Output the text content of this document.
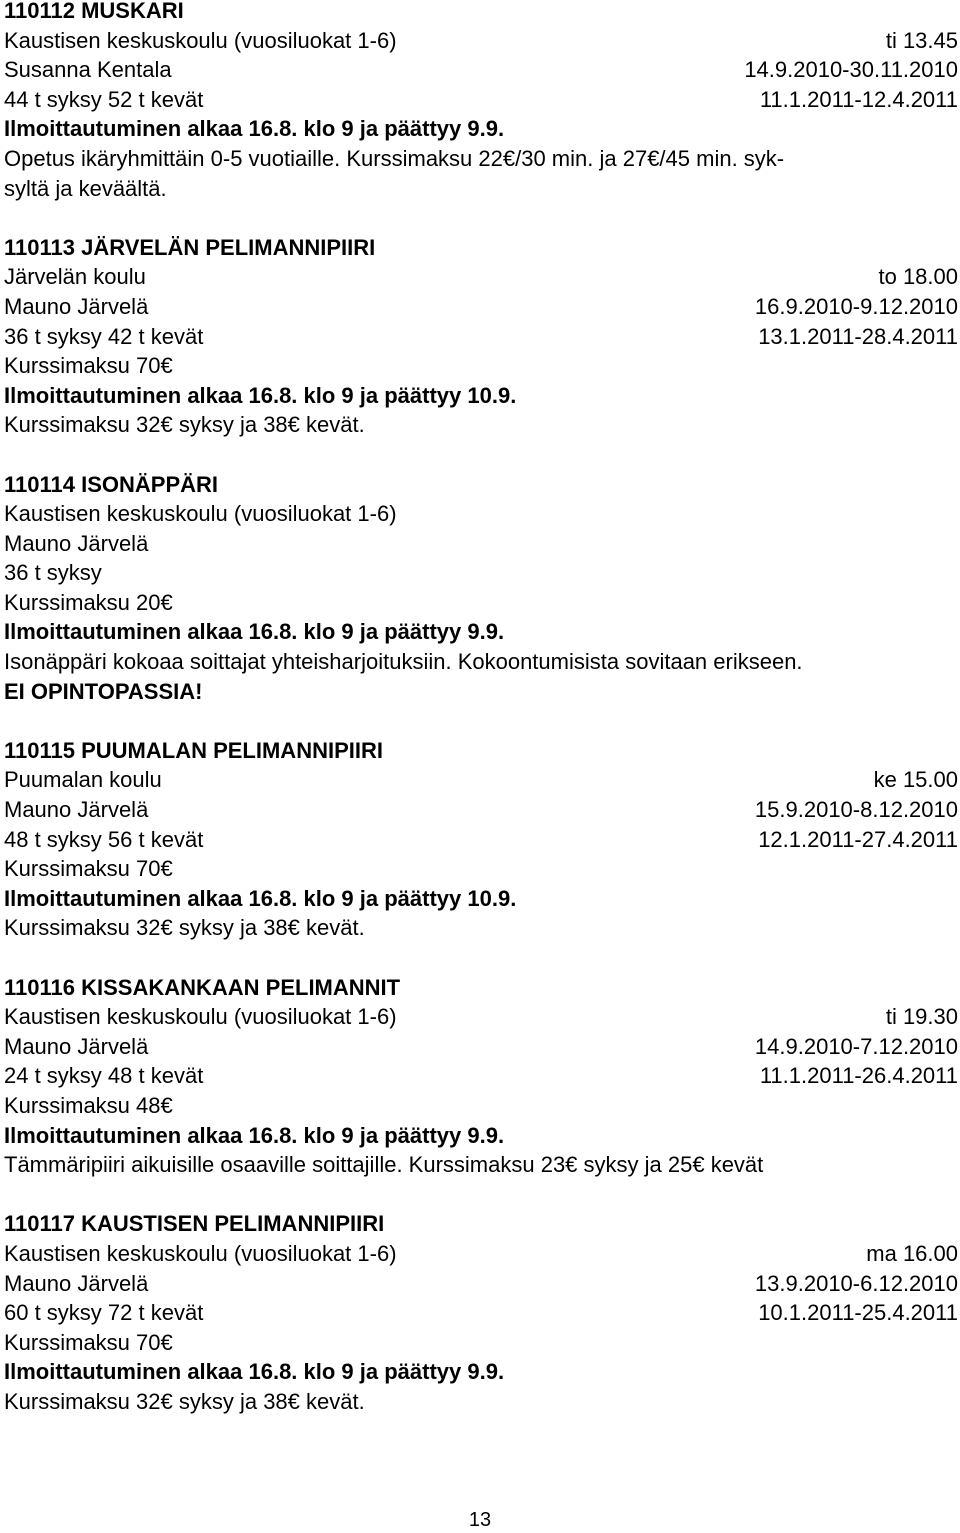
110112 MUSKARI
Kaustisen keskuskoulu (vuosiluokat 1-6)	ti 13.45
Susanna Kentala	14.9.2010-30.11.2010
44 t syksy 52 t kevät	11.1.2011-12.4.2011
Ilmoittautuminen alkaa 16.8. klo 9 ja päättyy 9.9.
Opetus ikäryhmittäin 0-5 vuotiaille. Kurssimaksu 22€/30 min. ja 27€/45 min. syk-
syltä ja keväältä.
110113 JÄRVELÄN PELIMANNIPIIRI
Järvelän koulu	to 18.00
Mauno Järvelä	16.9.2010-9.12.2010
36 t syksy 42 t kevät	13.1.2011-28.4.2011
Kurssimaksu 70€
Ilmoittautuminen alkaa 16.8. klo 9 ja päättyy 10.9.
Kurssimaksu 32€ syksy ja 38€ kevät.
110114 ISONÄPPÄRI
Kaustisen keskuskoulu (vuosiluokat 1-6)
Mauno Järvelä
36 t syksy
Kurssimaksu 20€
Ilmoittautuminen alkaa 16.8. klo 9 ja päättyy 9.9.
Isonäppäri kokoaa soittajat yhteisharjoituksiin. Kokoontumisista sovitaan erikseen.
EI OPINTOPASSIA!
110115 PUUMALAN PELIMANNIPIIRI
Puumalan koulu	ke 15.00
Mauno Järvelä	15.9.2010-8.12.2010
48 t syksy 56 t kevät	12.1.2011-27.4.2011
Kurssimaksu 70€
Ilmoittautuminen alkaa 16.8. klo 9 ja päättyy 10.9.
Kurssimaksu 32€ syksy ja 38€ kevät.
110116 KISSAKANKAAN PELIMANNIT
Kaustisen keskuskoulu (vuosiluokat 1-6)	ti 19.30
Mauno Järvelä	14.9.2010-7.12.2010
24 t syksy 48 t kevät	11.1.2011-26.4.2011
Kurssimaksu 48€
Ilmoittautuminen alkaa 16.8. klo 9 ja päättyy 9.9.
Tämmäripiiri aikuisille osaaville soittajille. Kurssimaksu 23€ syksy ja 25€ kevät
110117 KAUSTISEN PELIMANNIPIIRI
Kaustisen keskuskoulu (vuosiluokat 1-6)	ma 16.00
Mauno Järvelä	13.9.2010-6.12.2010
60 t syksy 72 t kevät	10.1.2011-25.4.2011
Kurssimaksu 70€
Ilmoittautuminen alkaa 16.8. klo 9 ja päättyy 9.9.
Kurssimaksu 32€ syksy ja 38€ kevät.
13
